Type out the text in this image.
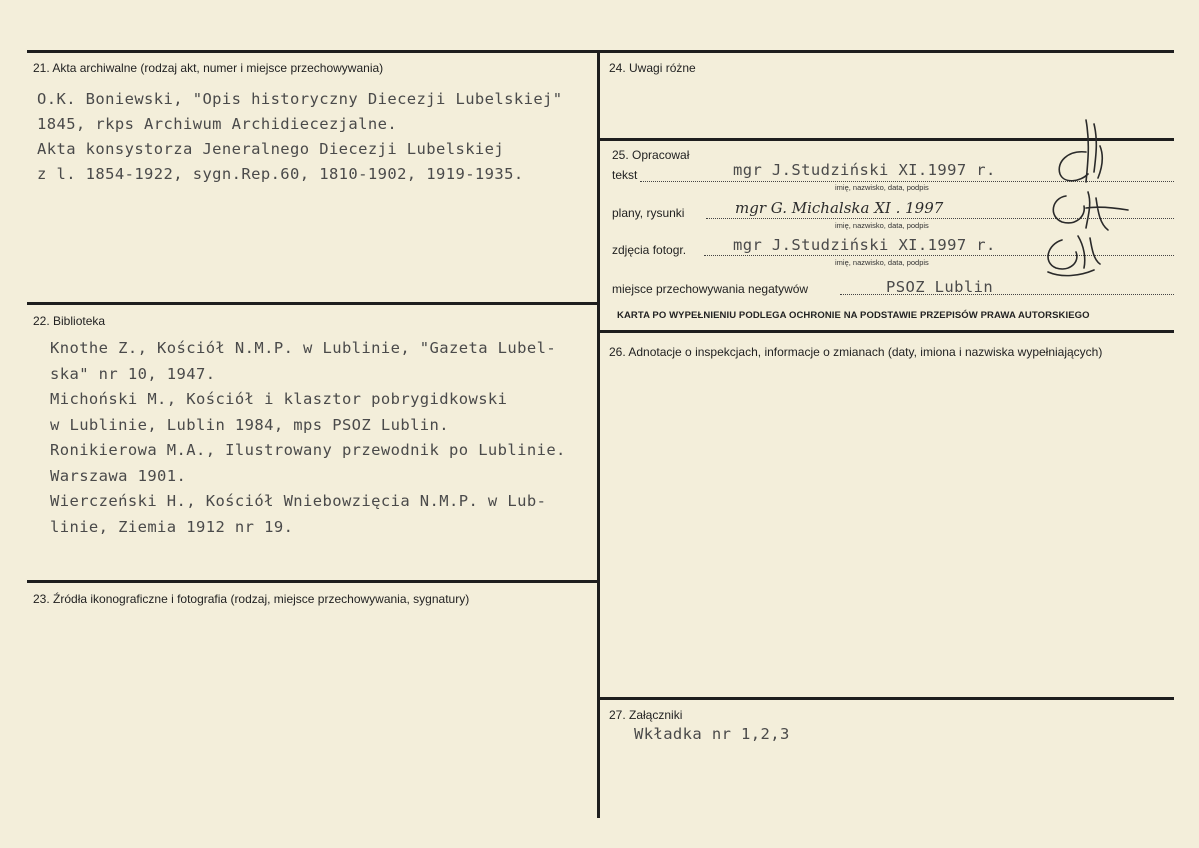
21. Akta archiwalne (rodzaj akt, numer i miejsce przechowywania)
O.K. Boniewski, "Opis historyczny Diecezji Lubelskiej"
1845, rkps Archiwum Archidiecezjalne.
Akta konsystorza Jeneralnego Diecezji Lubelskiej
z l. 1854-1922, sygn.Rep.60, 1810-1902, 1919-1935.
22. Biblioteka
Knothe Z., Kościół N.M.P. w Lublinie, "Gazeta Lubel-
ska" nr 10, 1947.
Michoński M., Kościół i klasztor pobrygidkowski
w Lublinie, Lublin 1984, mps PSOZ Lublin.
Ronikierowa M.A., Ilustrowany przewodnik po Lublinie.
Warszawa 1901.
Wierczeński H., Kościół Wniebowzięcia N.M.P. w Lub-
linie, Ziemia 1912 nr 19.
23. Źródła ikonograficzne i fotografia (rodzaj, miejsce przechowywania, sygnatury)
24. Uwagi różne
25. Opracował
tekst	mgr J.Studziński XI.1997 r.
imię, nazwisko, data, podpis
plany, rysunki	mgr G. Michalska XI . 1997
imię, nazwisko, data, podpis
zdjęcia fotogr.	mgr J.Studziński XI.1997 r.
imię, nazwisko, data, podpis
miejsce przechowywania negatywów	PSOZ Lublin
KARTA PO WYPEŁNIENIU PODLEGA OCHRONIE NA PODSTAWIE PRZEPISÓW PRAWA AUTORSKIEGO
26. Adnotacje o inspekcjach, informacje o zmianach (daty, imiona i nazwiska wypełniających)
27. Załączniki
Wkładka nr 1,2,3
